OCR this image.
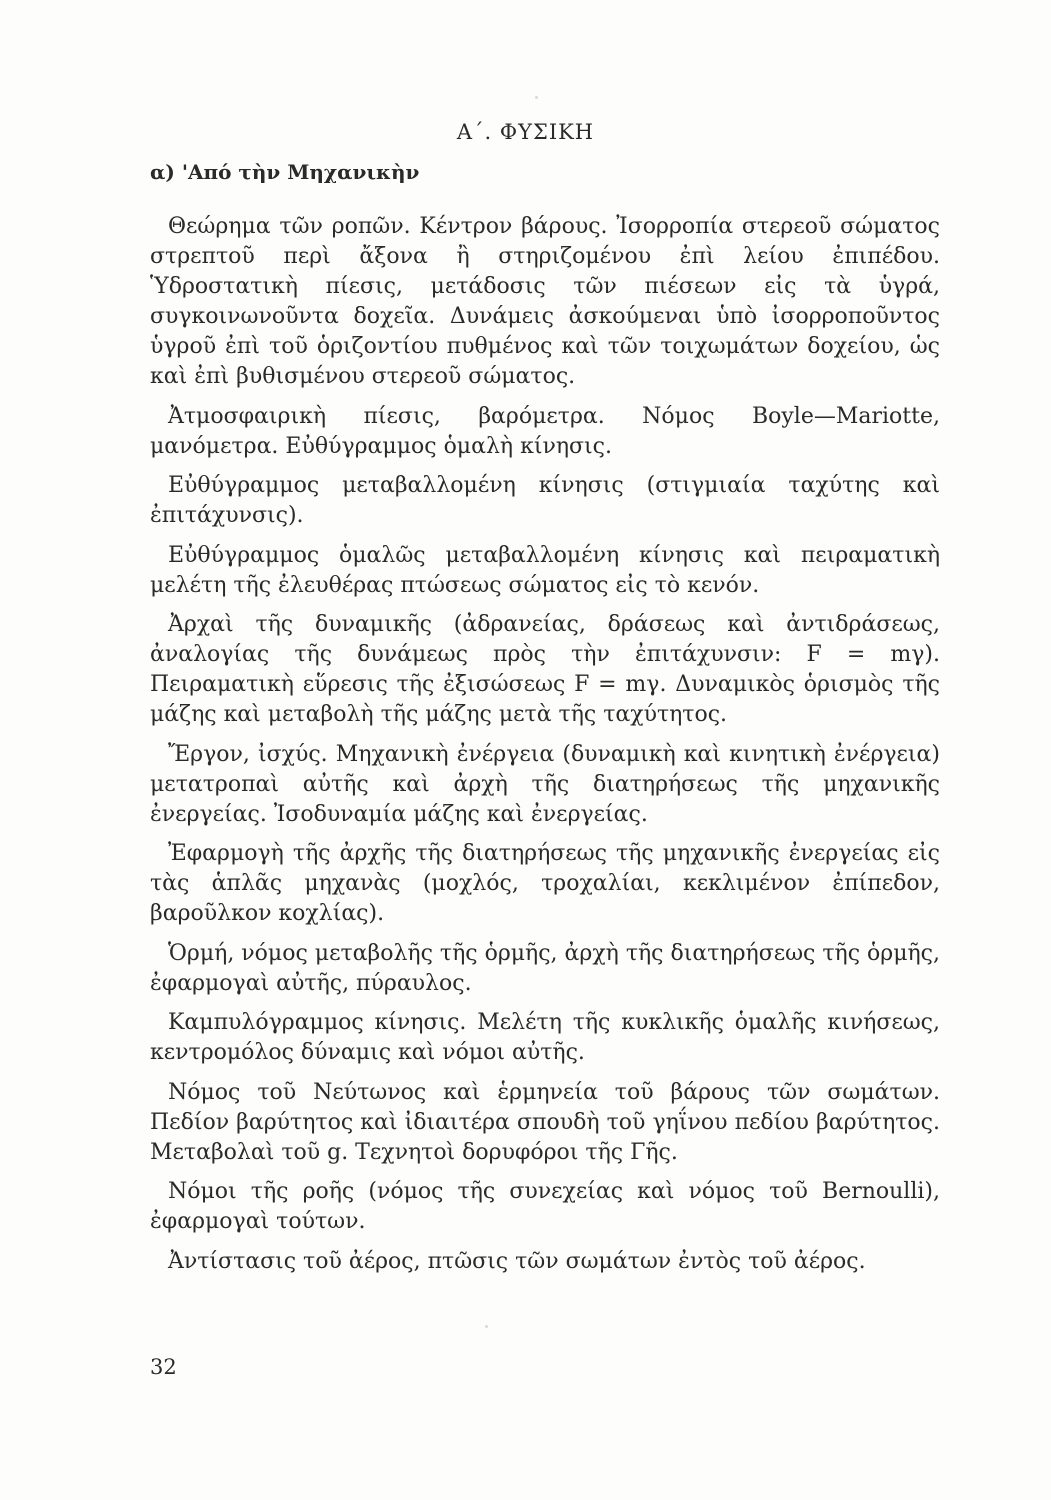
Α΄. ΦΥΣΙΚΗ
α) 'Από τὴν Μηχανικὴν

Θεώρημα τῶν ροπῶν. Κέντρον βάρους. Ἰσορροπία στερεοῦ σώματος στρεπτοῦ περὶ ἄξονα ἢ στηριζομένου ἐπὶ λείου ἐπιπέδου. Ὑδροστατικὴ πίεσις, μετάδοσις τῶν πιέσεων εἰς τὰ ὑγρά, συγκοινωνοῦντα δοχεῖα. Δυνάμεις ἀσκούμεναι ὑπὸ ἰσορροποῦντος ὑγροῦ ἐπὶ τοῦ ὁριζοντίου πυθμένος καὶ τῶν τοιχωμάτων δοχείου, ὡς καὶ ἐπὶ βυθισμένου στερεοῦ σώματος.

Ἀτμοσφαιρικὴ πίεσις, βαρόμετρα. Νόμος Boyle—Mariotte, μανόμετρα. Εὐθύγραμμος ὁμαλὴ κίνησις.

Εὐθύγραμμος μεταβαλλομένη κίνησις (στιγμιαία ταχύτης καὶ ἐπιτάχυνσις).

Εὐθύγραμμος ὁμαλῶς μεταβαλλομένη κίνησις καὶ πειραματικὴ μελέτη τῆς ἐλευθέρας πτώσεως σώματος εἰς τὸ κενόν.

Ἀρχαὶ τῆς δυναμικῆς (ἀδρανείας, δράσεως καὶ ἀντιδράσεως, ἀναλογίας τῆς δυνάμεως πρὸς τὴν ἐπιτάχυνσιν: F = mγ). Πειραματικὴ εὕρεσις τῆς ἐξισώσεως F = mγ. Δυναμικὸς ὁρισμὸς τῆς μάζης καὶ μεταβολὴ τῆς μάζης μετὰ τῆς ταχύτητος.

Ἔργον, ἰσχύς. Μηχανικὴ ἐνέργεια (δυναμικὴ καὶ κινητικὴ ἐνέργεια) μετατροπαὶ αὐτῆς καὶ ἀρχὴ τῆς διατηρήσεως τῆς μηχανικῆς ἐνεργείας. Ἰσοδυναμία μάζης καὶ ἐνεργείας.

Ἐφαρμογὴ τῆς ἀρχῆς τῆς διατηρήσεως τῆς μηχανικῆς ἐνεργείας εἰς τὰς ἁπλᾶς μηχανὰς (μοχλός, τροχαλίαι, κεκλιμένον ἐπίπεδον, βαροῦλκον κοχλίας).

Ὁρμή, νόμος μεταβολῆς τῆς ὁρμῆς, ἀρχὴ τῆς διατηρήσεως τῆς ὁρμῆς, ἐφαρμογαὶ αὐτῆς, πύραυλος.

Καμπυλόγραμμος κίνησις. Μελέτη τῆς κυκλικῆς ὁμαλῆς κινήσεως, κεντρομόλος δύναμις καὶ νόμοι αὐτῆς.

Νόμος τοῦ Νεύτωνος καὶ ἑρμηνεία τοῦ βάρους τῶν σωμάτων. Πεδίον βαρύτητος καὶ ἰδιαιτέρα σπουδὴ τοῦ γηΐνου πεδίου βαρύτητος. Μεταβολαὶ τοῦ g. Τεχνητοὶ δορυφόροι τῆς Γῆς.

Νόμοι τῆς ροῆς (νόμος τῆς συνεχείας καὶ νόμος τοῦ Bernoulli), ἐφαρμογαὶ τούτων.

Ἀντίστασις τοῦ ἀέρος, πτῶσις τῶν σωμάτων ἐντὸς τοῦ ἀέρος.

32
